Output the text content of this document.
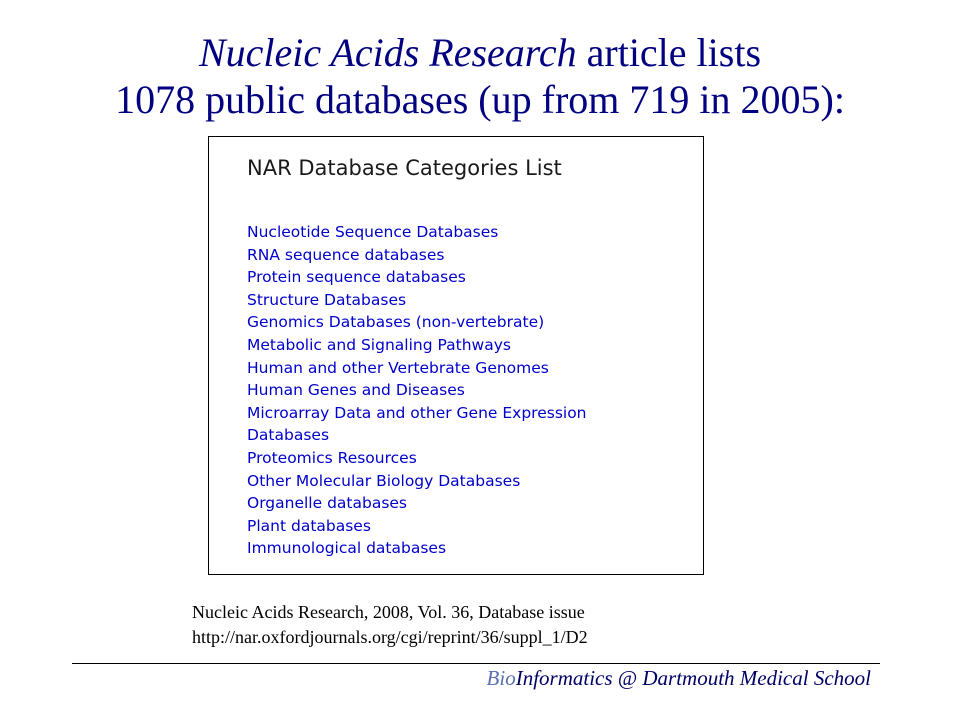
Nucleic Acids Research article lists
1078 public databases (up from 719 in 2005):
NAR Database Categories List
Nucleotide Sequence Databases
RNA sequence databases
Protein sequence databases
Structure Databases
Genomics Databases (non-vertebrate)
Metabolic and Signaling Pathways
Human and other Vertebrate Genomes
Human Genes and Diseases
Microarray Data and other Gene Expression
Databases
Proteomics Resources
Other Molecular Biology Databases
Organelle databases
Plant databases
Immunological databases
Nucleic Acids Research, 2008, Vol. 36, Database issue
http://nar.oxfordjournals.org/cgi/reprint/36/suppl_1/D2
BioInformatics @ Dartmouth Medical School
